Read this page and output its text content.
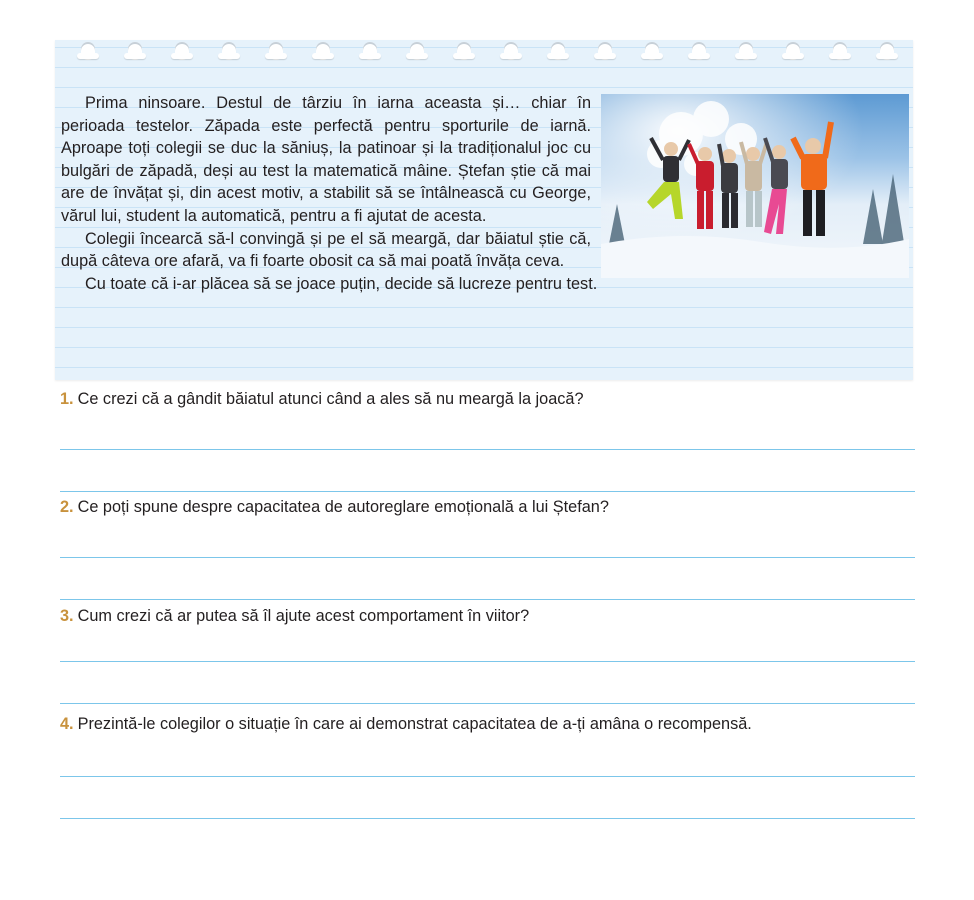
Prima ninsoare. Destul de târziu în iarna aceasta și… chiar în perioada testelor. Zăpada este perfectă pentru sporturile de iarnă. Aproape toți colegii se duc la săniuș, la patinoar și la tradiționalul joc cu bulgări de zăpadă, deși au test la matematică mâine. Ștefan știe că mai are de învățat și, din acest motiv, a stabilit să se întâlnească cu George, vărul lui, student la automatică, pentru a fi ajutat de acesta.

Colegii încearcă să-l convingă și pe el să meargă, dar băiatul știe că, după câteva ore afară, va fi foarte obosit ca să mai poată învăța ceva.

Cu toate că i-ar plăcea să se joace puțin, decide să lucreze pentru test.

1. Ce crezi că a gândit băiatul atunci când a ales să nu meargă la joacă?
2. Ce poți spune despre capacitatea de autoreglare emoțională a lui Ștefan?
3. Cum crezi că ar putea să îl ajute acest comportament în viitor?
4. Prezintă-le colegilor o situație în care ai demonstrat capacitatea de a-ți amâna o recompensă.
